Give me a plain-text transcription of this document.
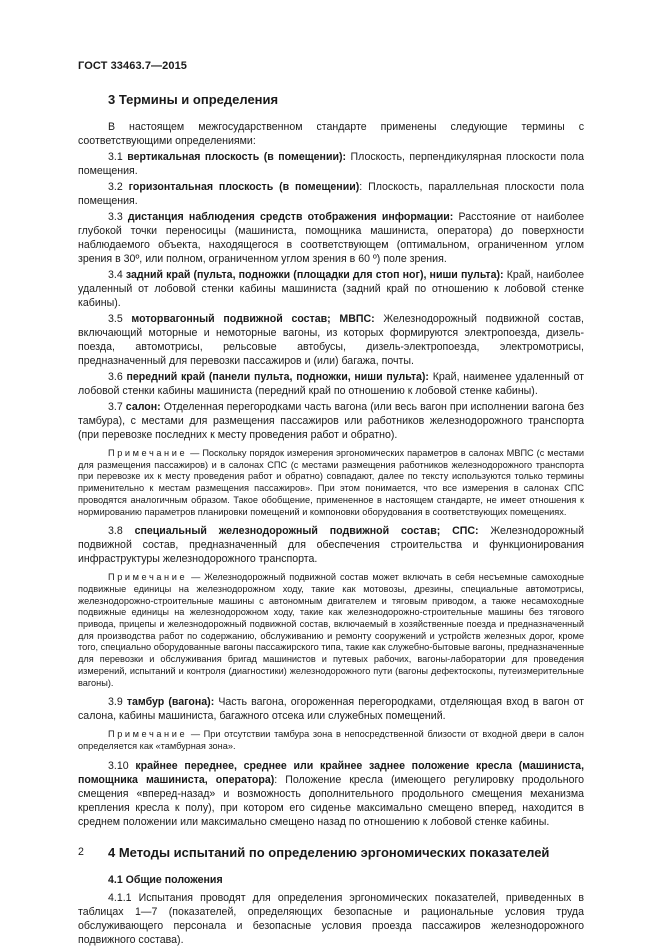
ГОСТ 33463.7—2015
3 Термины и определения

В настоящем межгосударственном стандарте применены следующие термины с соответствующими определениями:

3.1 вертикальная плоскость (в помещении): Плоскость, перпендикулярная плоскости пола помещения.

3.2 горизонтальная плоскость (в помещении): Плоскость, параллельная плоскости пола помещения.

3.3 дистанция наблюдения средств отображения информации: Расстояние от наиболее глубокой точки переносицы (машиниста, помощника машиниста, оператора) до поверхности наблюдаемого объекта, находящегося в соответствующем (оптимальном, ограниченном углом зрения в 30º, или полном, ограниченном углом зрения в 60 º) поле зрения.

3.4 задний край (пульта, подножки (площадки для стоп ног), ниши пульта): Край, наиболее удаленный от лобовой стенки кабины машиниста (задний край по отношению к лобовой стенке кабины).

3.5 моторвагонный подвижной состав; МВПС: Железнодорожный подвижной состав, включающий моторные и немоторные вагоны, из которых формируются электропоезда, дизель-поезда, автомотрисы, рельсовые автобусы, дизель-электропоезда, электромотрисы, предназначенный для перевозки пассажиров и (или) багажа, почты.

3.6 передний край (панели пульта, подножки, ниши пульта): Край, наименее удаленный от лобовой стенки кабины машиниста (передний край по отношению к лобовой стенке кабины).

3.7 салон: Отделенная перегородками часть вагона (или весь вагон при исполнении вагона без тамбура), с местами для размещения пассажиров или работников железнодорожного транспорта (при перевозке последних к месту проведения работ и обратно).

Примечание — Поскольку порядок измерения эргономических параметров в салонах МВПС (с местами для размещения пассажиров) и в салонах СПС (с местами размещения работников железнодорожного транспорта при перевозке их к месту проведения работ и обратно) совпадают, далее по тексту используются только термины применительно к местам размещения пассажиров». При этом понимается, что все измерения в салонах СПС проводятся аналогичным образом. Такое обобщение, примененное в настоящем стандарте, не имеет отношения к нормированию параметров планировки помещений и компоновки оборудования в соответствующих помещениях.

3.8 специальный железнодорожный подвижной состав; СПС: Железнодорожный подвижной состав, предназначенный для обеспечения строительства и функционирования инфраструктуры железнодорожного транспорта.

Примечание — Железнодорожный подвижной состав может включать в себя несъемные самоходные подвижные единицы на железнодорожном ходу, такие как мотовозы, дрезины, специальные автомотрисы, железнодорожно-строительные машины с автономным двигателем и тяговым приводом, а также несамоходные подвижные единицы на железнодорожном ходу, такие как железнодорожно-строительные машины без тягового привода, прицепы и железнодорожный подвижной состав, включаемый в хозяйственные поезда и предназначенный для производства работ по содержанию, обслуживанию и ремонту сооружений и устройств железных дорог, кроме того, специально оборудованные вагоны пассажирского типа, такие как служебно-бытовые вагоны, предназначенные для перевозки и обслуживания бригад машинистов и путевых рабочих, вагоны-лаборатории для проведения измерений, испытаний и контроля (диагностики) железнодорожного пути (вагоны дефектоскопы, путеизмерительные вагоны).

3.9 тамбур (вагона): Часть вагона, огороженная перегородками, отделяющая вход в вагон от салона, кабины машиниста, багажного отсека или служебных помещений.

Примечание — При отсутствии тамбура зона в непосредственной близости от входной двери в салон определяется как «тамбурная зона».

3.10 крайнее переднее, среднее или крайнее заднее положение кресла (машиниста, помощника машиниста, оператора): Положение кресла (имеющего регулировку продольного смещения «вперед-назад» и возможность дополнительного продольного смещения механизма крепления кресла к полу), при котором его сиденье максимально смещено вперед, находится в среднем положении или максимально смещено назад по отношению к лобовой стенке кабины.

4 Методы испытаний по определению эргономических показателей
4.1 Общие положения

4.1.1 Испытания проводят для определения эргономических показателей, приведенных в таблицах 1—7 (показателей, определяющих безопасные и рациональные условия труда обслуживающего персонала и безопасные условия проезда пассажиров железнодорожного подвижного состава).

2
